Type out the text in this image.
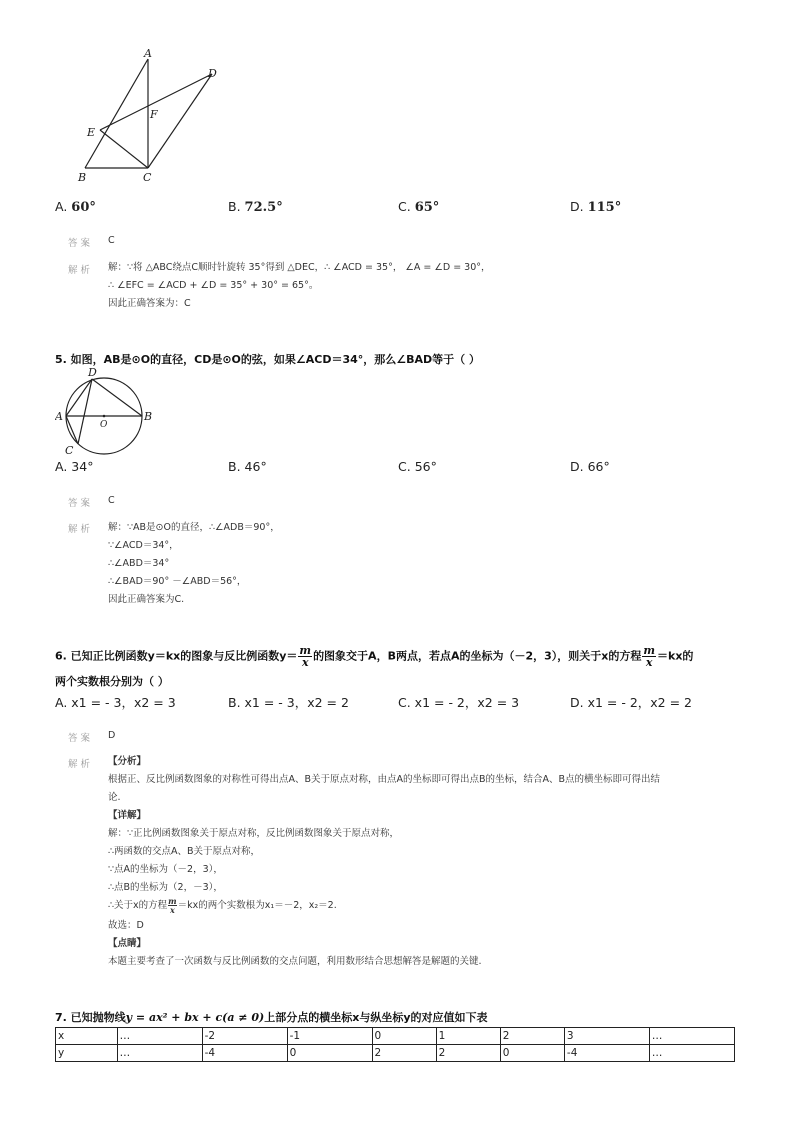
A
D
F
E
B	C
A. 60°	B. 72.5°	C. 65°	D. 115°
答案 C
解析 解：∵将 △ABC绕点C顺时针旋转 35°得到 △DEC，∴ ∠ACD = 35°， ∠A = ∠D = 30°，
∴ ∠EFC = ∠ACD + ∠D = 35° + 30° = 65°。
因此正确答案为：C
5. 如图，AB是⊙O的直径，CD是⊙O的弦，如果∠ACD＝34°，那么∠BAD等于（ ）
D
A
O
B
C
A. 34°	B. 46°	C. 56°	D. 66°
答案 C
解析 解：∵AB是⊙O的直径，∴∠ADB＝90°，
∵∠ACD＝34°，
∴∠ABD＝34°
∴∠BAD＝90° －∠ABD＝56°，
因此正确答案为C.
6. 已知正比例函数y＝kx的图象与反比例函数$y= \frac{m}{x}$ 的图象交于A，B两点，若点A的坐标为（－2，3），则关于x的方程 $\frac{m}{x} =kx$的
两个实数根分别为（ ）
A. x1 = - 3，x2 = 3	B. x1 = - 3，x2 = 2	C. x1 = - 2，x2 = 3	D. x1 = - 2，x2 = 2
答案 D
解析 【分析】
根据正、反比例函数图象的对称性可得出点A、B关于原点对称，由点A的坐标即可得出点B的坐标，结合A、B点的横坐标即可得出结
论.
【详解】
解：∵正比例函数图象关于原点对称，反比例函数图象关于原点对称，
∴两函数的交点A、B关于原点对称，
∵点A的坐标为（－2，3），
∴点B的坐标为（2，－3），
∴关于x的方程 $\frac{m}{x} =kx$的两个实数根为x₁＝－2，x₂＝2.
故选：D
【点睛】
本题主要考查了一次函数与反比例函数的交点问题，利用数形结合思想解答是解题的关键.
7. 已知抛物线y = ax² + bx + c(a ≠ 0)上部分点的横坐标x与纵坐标y的对应值如下表
x	…	-2	-1	0	1	2	3	…
y	…	-4	0	2	2	0	-4	…
